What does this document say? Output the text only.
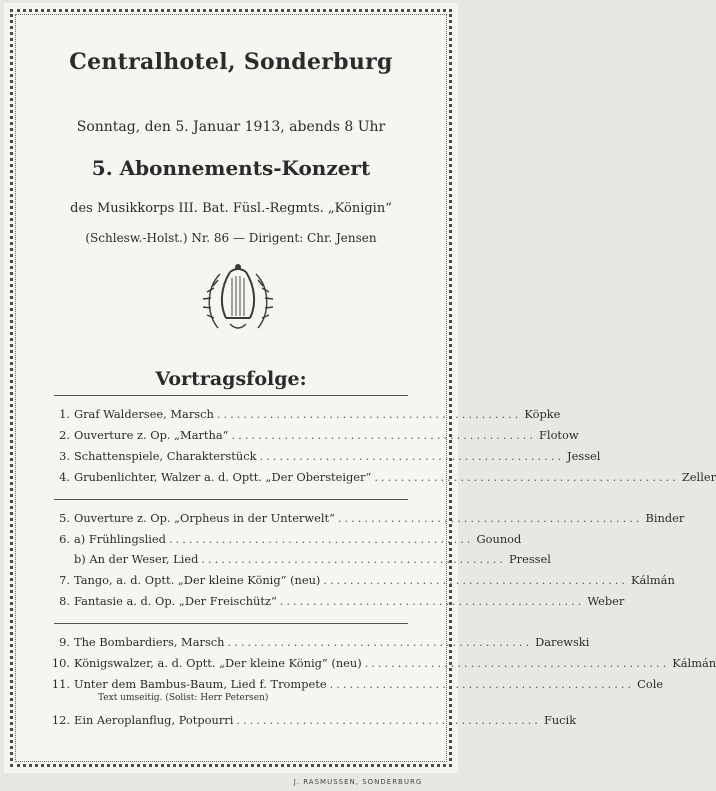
Centralhotel, Sonderburg
Sonntag, den 5. Januar 1913, abends 8 Uhr
5. Abonnements-Konzert
des Musikkorps III. Bat. Füsl.-Regmts. „Königin“
(Schlesw.-Holst.) Nr. 86 — Dirigent: Chr. Jensen
Vortragsfolge:
1. Graf Waldersee, Marsch .............................................. Köpke
2. Ouverture z. Op. „Martha“ .............................................. Flotow
3. Schattenspiele, Charakterstück .............................................. Jessel
4. Grubenlichter, Walzer a. d. Optt. „Der Obersteiger“ .............................................. Zeller
5. Ouverture z. Op. „Orpheus in der Unterwelt“ .............................................. Binder
6. a) Frühlingslied .............................................. Gounod
b) An der Weser, Lied .............................................. Pressel
7. Tango, a. d. Optt. „Der kleine König“ (neu) .............................................. Kálmán
8. Fantasie a. d. Op. „Der Freischütz“ .............................................. Weber
9. The Bombardiers, Marsch .............................................. Darewski
10. Königswalzer, a. d. Optt. „Der kleine König“ (neu) .............................................. Kálmán
11. Unter dem Bambus-Baum, Lied f. Trompete .............................................. Cole
Text umseitig. (Solist: Herr Petersen)
12. Ein Aeroplanflug, Potpourri .............................................. Fucik
J. RASMUSSEN, SONDERBURG
